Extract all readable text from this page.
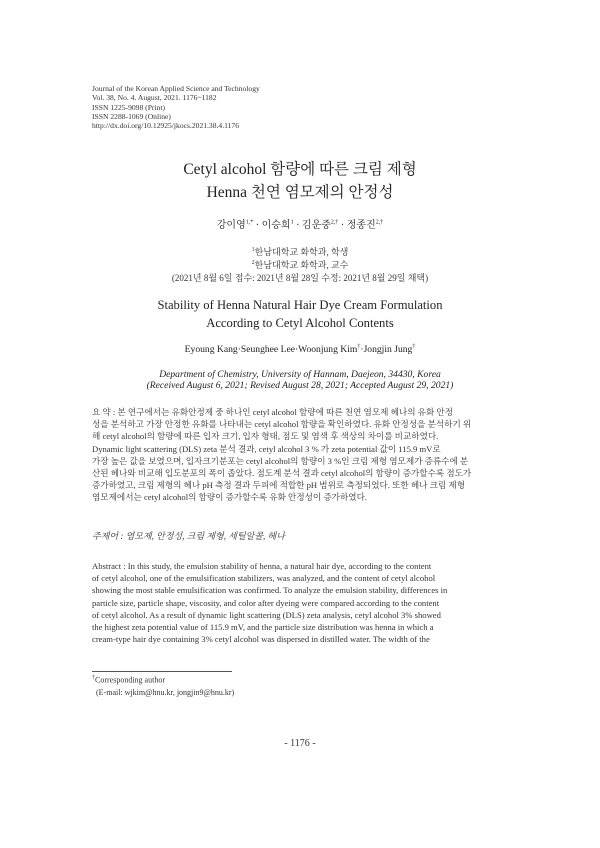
Journal of the Korean Applied Science and Technology
Vol. 38, No. 4. August, 2021. 1176~1182
ISSN 1225-9098 (Print)
ISSN 2288-1069 (Online)
http://dx.doi.org/10.12925/jkocs.2021.38.4.1176
Cetyl alcohol 함량에 따른 크림 제형
Henna 천연 염모제의 안정성
강이영$^{1,*}$ · 이승희$^1$ · 김운중$^{2,\dagger}$ · 정종진$^{2,\dagger}$
$^1$한남대학교 화학과, 학생
$^2$한남대학교 화학과, 교수
(2021년 8월 6일 접수: 2021년 8월 28일 수정: 2021년 8월 29일 채택)
Stability of Henna Natural Hair Dye Cream Formulation
According to Cetyl Alcohol Contents
Eyoung Kang·Seunghee Lee·Woonjung Kim†·Jongjin Jung†
Department of Chemistry, University of Hannam, Daejeon, 34430, Korea
(Received August 6, 2021; Revised August 28, 2021; Accepted August 29, 2021)
요 약 : 본 연구에서는 유화안정제 중 하나인 cetyl alcohol 함량에 따른 천연 염모제 헤나의 유화 안정
성을 분석하고 가장 안정한 유화를 나타내는 cetyl alcohol 함량을 확인하였다. 유화 안정성을 분석하기 위
해 cetyl alcohol의 함량에 따른 입자 크기, 입자 형태, 점도 및 염색 후 색상의 차이를 비교하였다.
Dynamic light scattering (DLS) zeta 분석 결과, cetyl alcohol 3 % 가 zeta potential 값이 115.9 mV로
가장 높은 값을 보였으며, 입자크기분포는 cetyl alcohol의 함량이 3 %인 크림 제형 염모제가 증류수에 분
산된 헤나와 비교해 입도분포의 폭이 좁았다. 점도계 분석 결과 cetyl alcohol의 함량이 증가할수록 점도가
증가하였고, 크림 제형의 헤나 pH 측정 결과 두피에 적합한 pH 범위로 측정되었다. 또한 헤나 크림 제형
염모제에서는 cetyl alcohol의 함량이 증가할수록 유화 안정성이 증가하였다.
주제어 : 염모제, 안정성, 크림 제형, 세틸알콜, 헤나
Abstract : In this study, the emulsion stability of henna, a natural hair dye, according to the content
of cetyl alcohol, one of the emulsification stabilizers, was analyzed, and the content of cetyl alcohol
showing the most stable emulsification was confirmed. To analyze the emulsion stability, differences in
particle size, particle shape, viscosity, and color after dyeing were compared according to the content
of cetyl alcohol. As a result of dynamic light scattering (DLS) zeta analysis, cetyl alcohol 3% showed
the highest zeta potential value of 115.9 mV, and the particle size distribution was henna in which a
cream-type hair dye containing 3% cetyl alcohol was dispersed in distilled water. The width of the
†Corresponding author
(E-mail: wjkim@hnu.kr, jongjin9@hnu.kr)
- 1176 -
